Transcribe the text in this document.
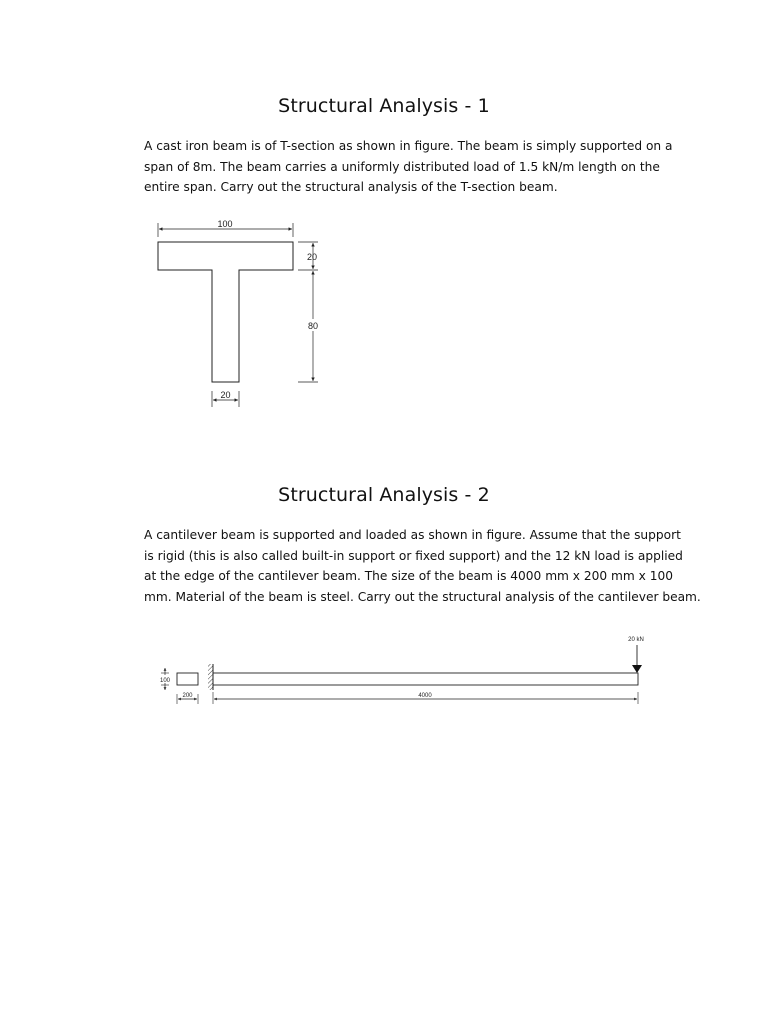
Structural Analysis - 1
A cast iron beam is of T-section as shown in figure. The beam is simply supported on a
span of 8m. The beam carries a uniformly distributed load of 1.5 kN/m length on the
entire span. Carry out the structural analysis of the T-section beam.
100
20
80
20
Structural Analysis - 2
A cantilever beam is supported and loaded as shown in figure. Assume that the support
is rigid (this is also called built-in support or fixed support) and the 12 kN load is applied
at the edge of the cantilever beam. The size of the beam is 4000 mm x 200 mm x 100
mm. Material of the beam is steel. Carry out the structural analysis of the cantilever beam.
100
200
20 kN
4000
